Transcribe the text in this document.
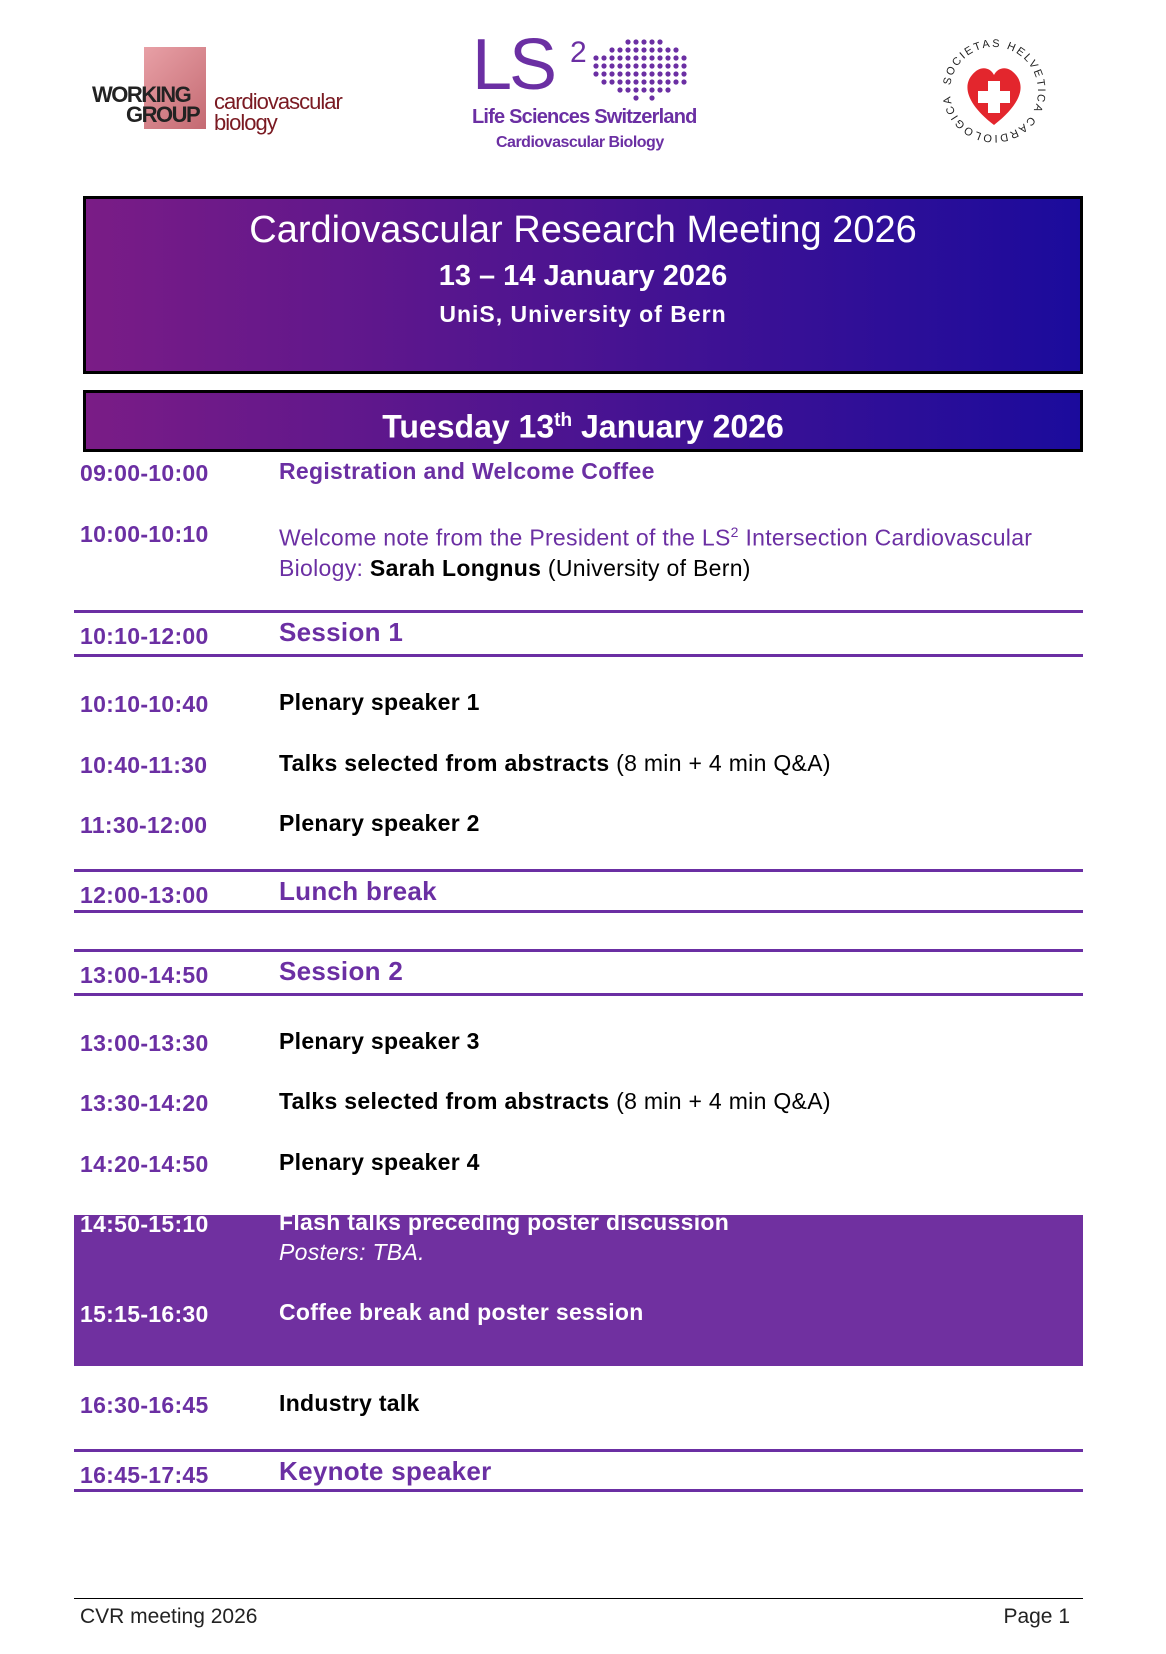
WORKING
GROUP
cardiovascular
biology
LS 2
Life Sciences Switzerland
Cardiovascular Biology
SOCIETAS HELVETICA CARDIOLOGICA
Cardiovascular Research Meeting 2026
13 – 14 January 2026
UniS, University of Bern
Tuesday 13th January 2026
09:00-10:00	Registration and Welcome Coffee
10:00-10:10	Welcome note from the President of the $LS^2$ Intersection Cardiovascular
Biology: Sarah Longnus (University of Bern)
10:10-12:00	Session 1
10:10-10:40	Plenary speaker 1
10:40-11:30	Talks selected from abstracts (8 min + 4 min Q&A)
11:30-12:00	Plenary speaker 2
12:00-13:00	Lunch break
13:00-14:50	Session 2
13:00-13:30	Plenary speaker 3
13:30-14:20	Talks selected from abstracts (8 min + 4 min Q&A)
14:20-14:50	Plenary speaker 4
14:50-15:10	Flash talks preceding poster discussion
Posters: TBA.
15:15-16:30	Coffee break and poster session
16:30-16:45	Industry talk
16:45-17:45	Keynote speaker
CVR meeting 2026	Page 1
